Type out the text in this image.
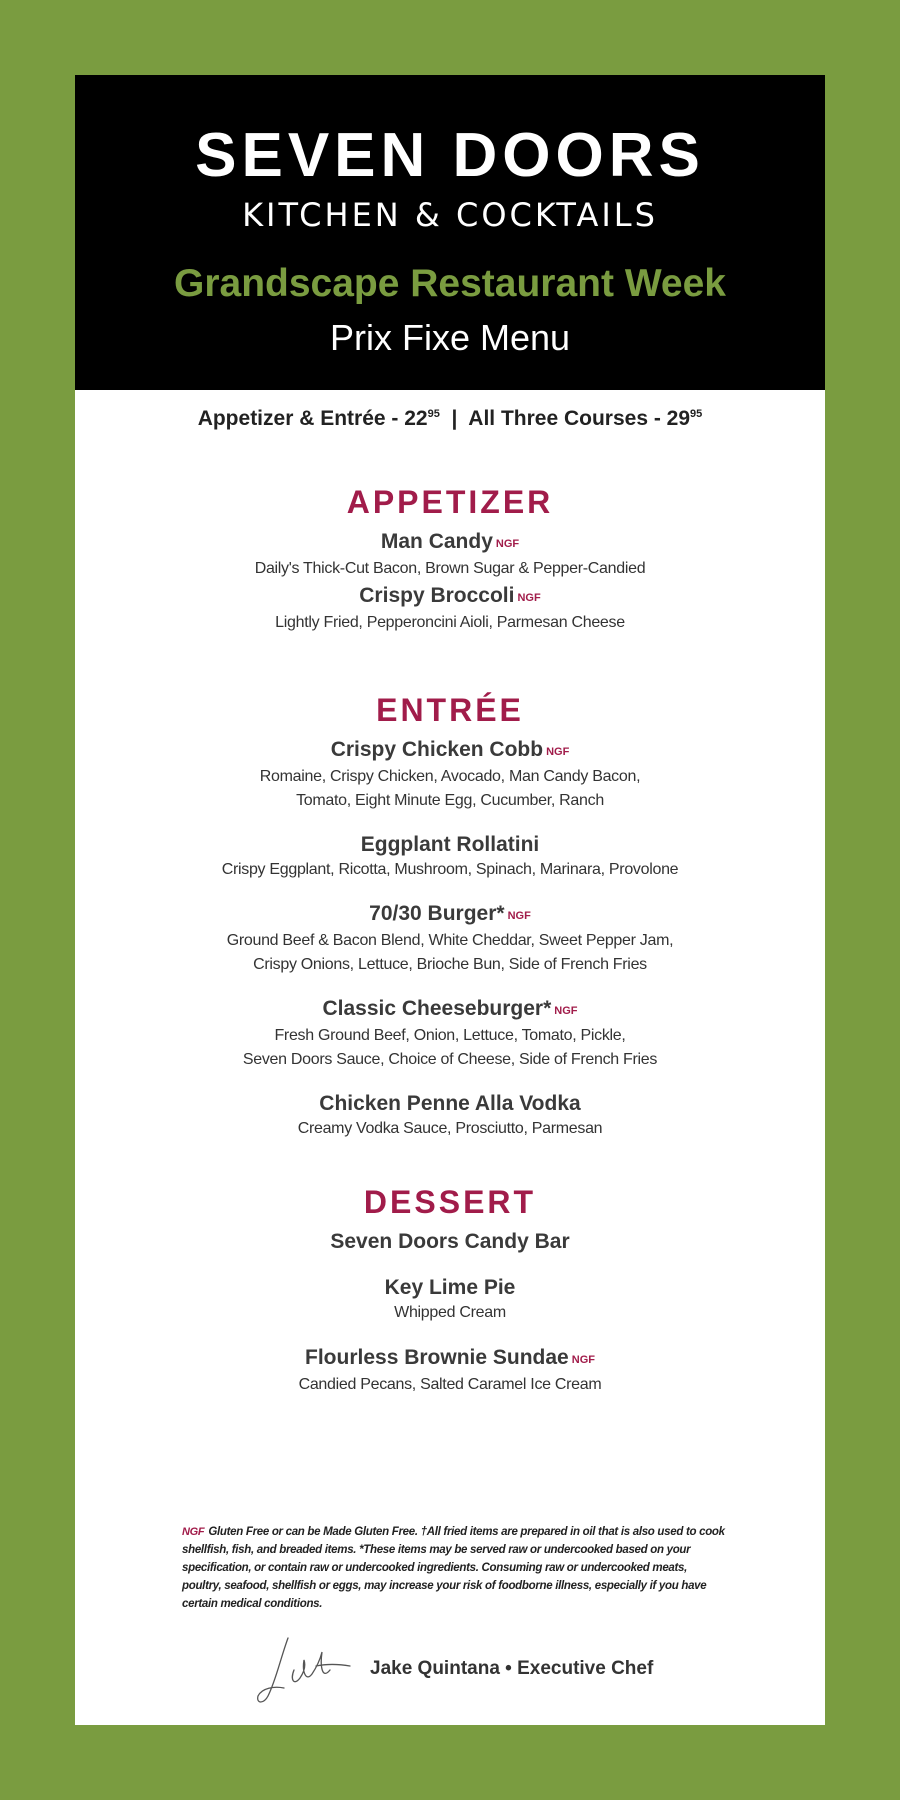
SEVEN DOORS
KITCHEN & COCKTAILS
Grandscape Restaurant Week
Prix Fixe Menu
Appetizer & Entrée - $22^{95}$ | All Three Courses - $29^{95}$
APPETIZER
Man Candy NGF
Daily's Thick-Cut Bacon, Brown Sugar & Pepper-Candied
Crispy Broccoli NGF
Lightly Fried, Pepperoncini Aioli, Parmesan Cheese
ENTRÉE
Crispy Chicken Cobb NGF
Romaine, Crispy Chicken, Avocado, Man Candy Bacon,
Tomato, Eight Minute Egg, Cucumber, Ranch
Eggplant Rollatini
Crispy Eggplant, Ricotta, Mushroom, Spinach, Marinara, Provolone
70/30 Burger* NGF
Ground Beef & Bacon Blend, White Cheddar, Sweet Pepper Jam,
Crispy Onions, Lettuce, Brioche Bun, Side of French Fries
Classic Cheeseburger* NGF
Fresh Ground Beef, Onion, Lettuce, Tomato, Pickle,
Seven Doors Sauce, Choice of Cheese, Side of French Fries
Chicken Penne Alla Vodka
Creamy Vodka Sauce, Prosciutto, Parmesan
DESSERT
Seven Doors Candy Bar
Key Lime Pie
Whipped Cream
Flourless Brownie Sundae NGF
Candied Pecans, Salted Caramel Ice Cream
NGF Gluten Free or can be Made Gluten Free. †All fried items are prepared in oil that is also used to cook shellfish, fish, and breaded items. *These items may be served raw or undercooked based on your specification, or contain raw or undercooked ingredients. Consuming raw or undercooked meats, poultry, seafood, shellfish or eggs, may increase your risk of foodborne illness, especially if you have certain medical conditions.
Jake Quintana • Executive Chef
